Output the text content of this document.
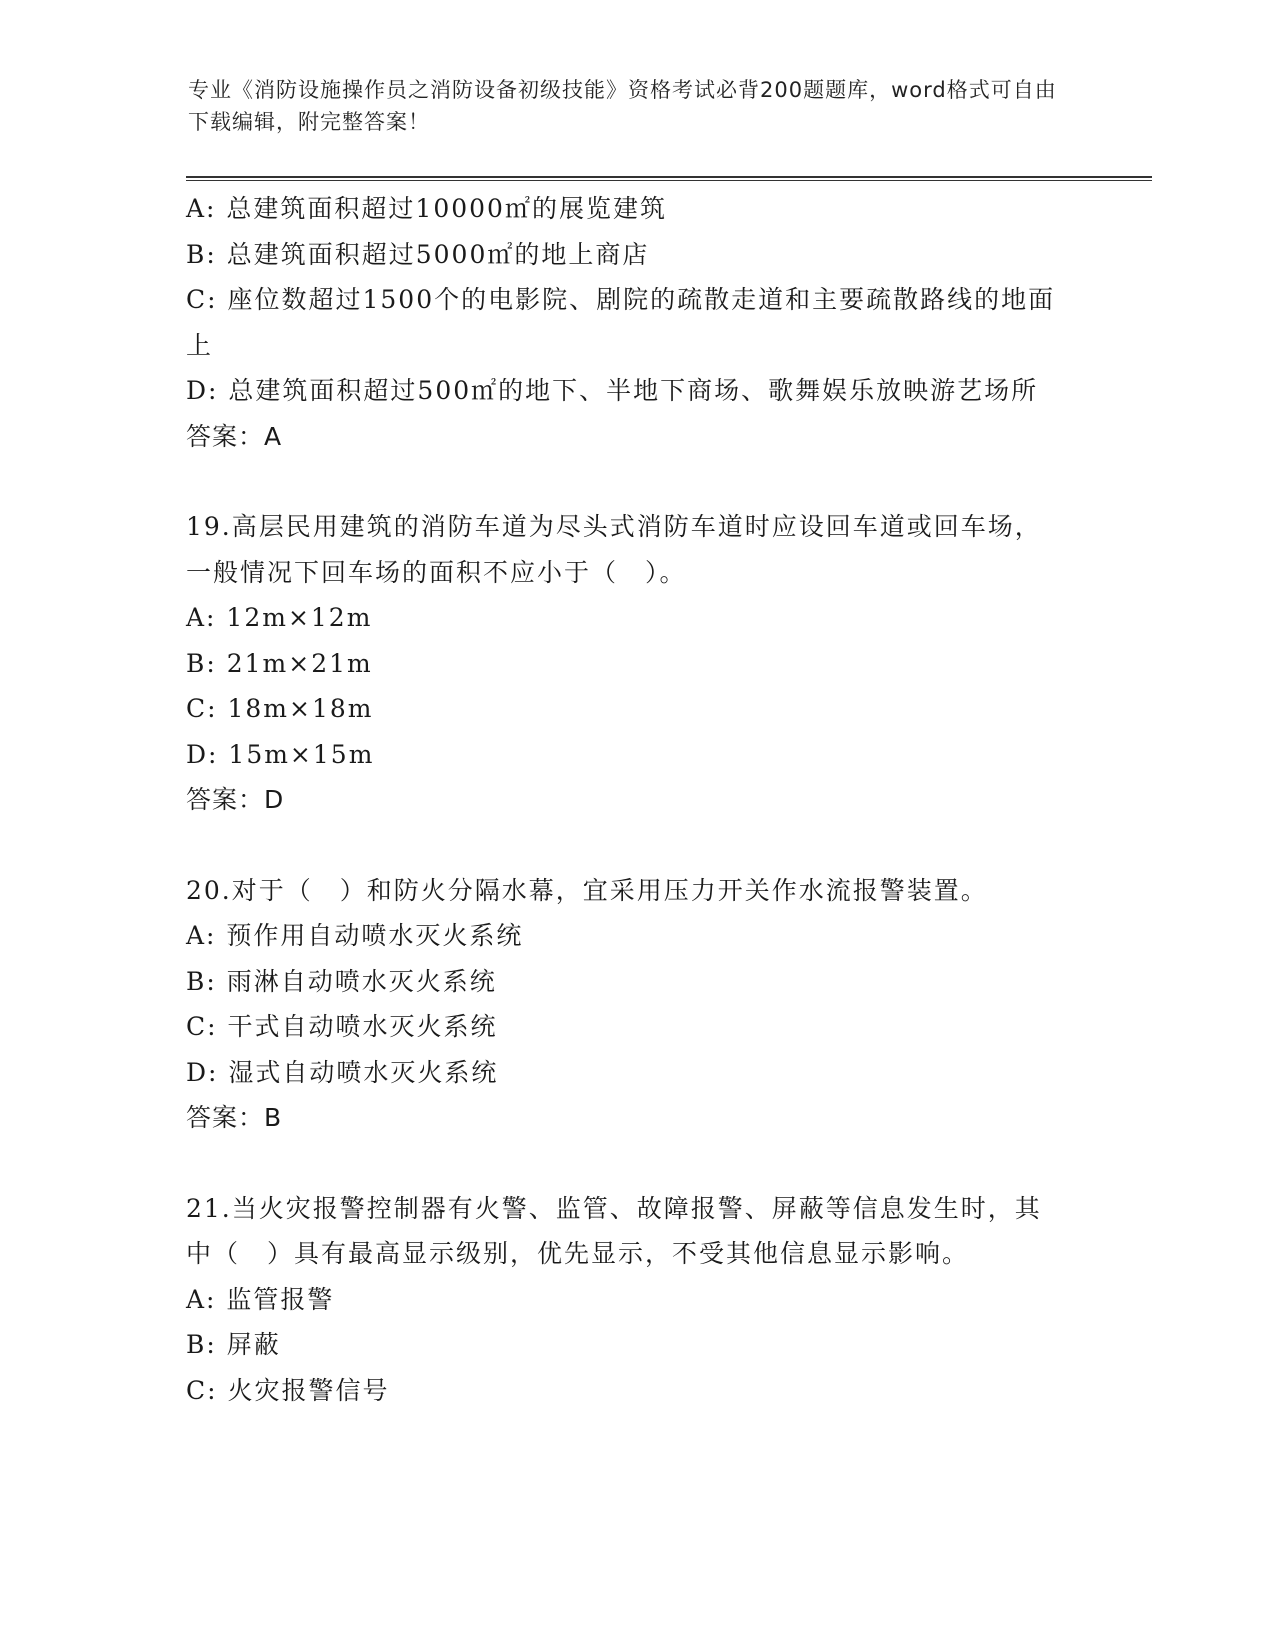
专业《消防设施操作员之消防设备初级技能》资格考试必背200题题库，word格式可自由下载编辑，附完整答案！

A: 总建筑面积超过10000㎡的展览建筑

B: 总建筑面积超过5000㎡的地上商店

C: 座位数超过1500个的电影院、剧院的疏散走道和主要疏散路线的地面上

D: 总建筑面积超过500㎡的地下、半地下商场、歌舞娱乐放映游艺场所

答案：A

19.高层民用建筑的消防车道为尽头式消防车道时应设回车道或回车场，一般情况下回车场的面积不应小于（　）。

A: 12m×12m

B: 21m×21m

C: 18m×18m

D: 15m×15m

答案：D

20.对于（　）和防火分隔水幕，宜采用压力开关作水流报警装置。

A: 预作用自动喷水灭火系统

B: 雨淋自动喷水灭火系统

C: 干式自动喷水灭火系统

D: 湿式自动喷水灭火系统

答案：B

21.当火灾报警控制器有火警、监管、故障报警、屏蔽等信息发生时，其中（　）具有最高显示级别，优先显示，不受其他信息显示影响。

A: 监管报警

B: 屏蔽

C: 火灾报警信号
